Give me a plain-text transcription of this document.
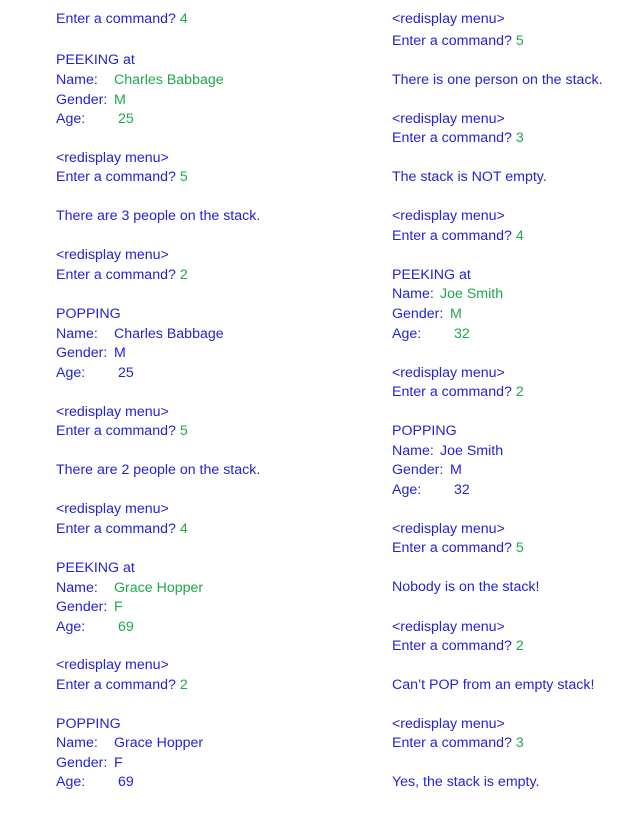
Enter a command? 4
PEEKING at
Name: Charles Babbage
Gender: M
Age: 25
<redisplay menu>
Enter a command? 5
There are 3 people on the stack.
<redisplay menu>
Enter a command? 2
POPPING
Name: Charles Babbage
Gender: M
Age: 25
<redisplay menu>
Enter a command? 5
There are 2 people on the stack.
<redisplay menu>
Enter a command? 4
PEEKING at
Name: Grace Hopper
Gender: F
Age: 69
<redisplay menu>
Enter a command? 2
POPPING
Name: Grace Hopper
Gender: F
Age: 69
<redisplay menu>
Enter a command? 5
There is one person on the stack.
<redisplay menu>
Enter a command? 3
The stack is NOT empty.
<redisplay menu>
Enter a command? 4
PEEKING at
Name: Joe Smith
Gender: M
Age: 32
<redisplay menu>
Enter a command? 2
POPPING
Name: Joe Smith
Gender: M
Age: 32
<redisplay menu>
Enter a command? 5
Nobody is on the stack!
<redisplay menu>
Enter a command? 2
Can’t POP from an empty stack!
<redisplay menu>
Enter a command? 3
Yes, the stack is empty.
